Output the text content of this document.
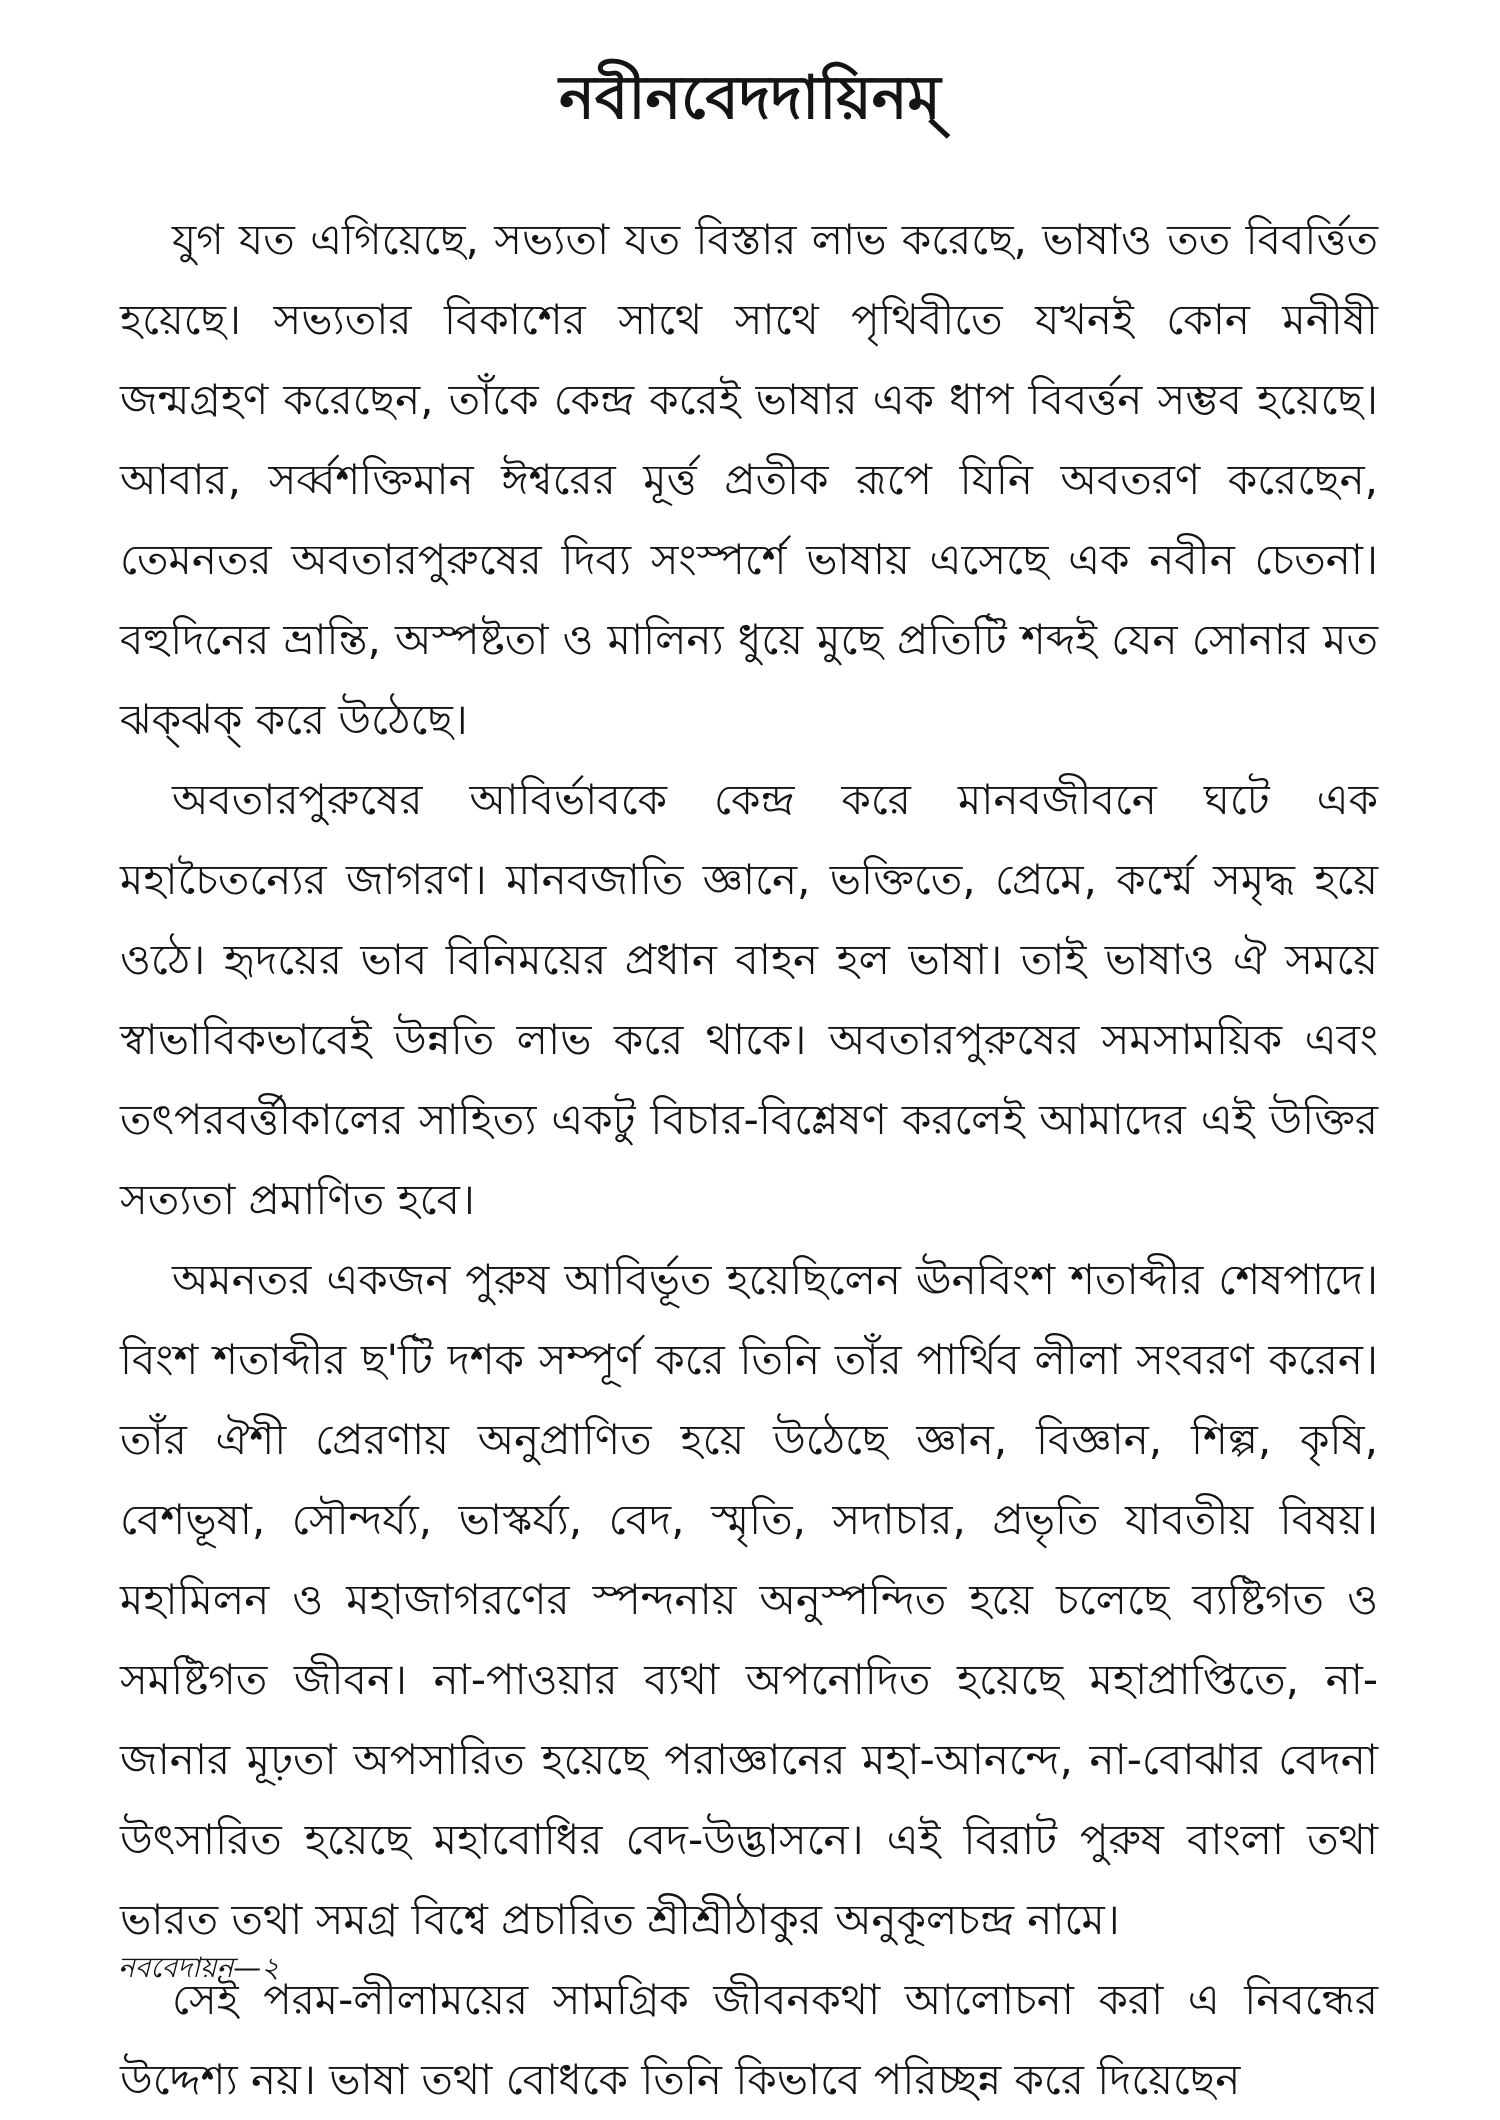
নবীনবেদদায়িনম্

যুগ যত এগিয়েছে, সভ্যতা যত বিস্তার লাভ করেছে, ভাষাও তত বিবর্ত্তিত হয়েছে। সভ্যতার বিকাশের সাথে সাথে পৃথিবীতে যখনই কোন মনীষী জন্মগ্রহণ করেছেন, তাঁকে কেন্দ্র করেই ভাষার এক ধাপ বিবর্ত্তন সম্ভব হয়েছে। আবার, সর্ব্বশক্তিমান ঈশ্বরের মূর্ত্ত প্রতীক রূপে যিনি অবতরণ করেছেন, তেমনতর অবতারপুরুষের দিব্য সংস্পর্শে ভাষায় এসেছে এক নবীন চেতনা। বহুদিনের ভ্রান্তি, অস্পষ্টতা ও মালিন্য ধুয়ে মুছে প্রতিটি শব্দই যেন সোনার মত ঝক্‌ঝক্‌ করে উঠেছে।

অবতারপুরুষের আবির্ভাবকে কেন্দ্র করে মানবজীবনে ঘটে এক মহাচৈতন্যের জাগরণ। মানবজাতি জ্ঞানে, ভক্তিতে, প্রেমে, কর্ম্মে সমৃদ্ধ হয়ে ওঠে। হৃদয়ের ভাব বিনিময়ের প্রধান বাহন হল ভাষা। তাই ভাষাও ঐ সময়ে স্বাভাবিকভাবেই উন্নতি লাভ করে থাকে। অবতারপুরুষের সমসাময়িক এবং তৎপরবর্ত্তীকালের সাহিত্য একটু বিচার-বিশ্লেষণ করলেই আমাদের এই উক্তির সত্যতা প্রমাণিত হবে।

অমনতর একজন পুরুষ আবির্ভূত হয়েছিলেন ঊনবিংশ শতাব্দীর শেষপাদে। বিংশ শতাব্দীর ছ'টি দশক সম্পূর্ণ করে তিনি তাঁর পার্থিব লীলা সংবরণ করেন। তাঁর ঐশী প্রেরণায় অনুপ্রাণিত হয়ে উঠেছে জ্ঞান, বিজ্ঞান, শিল্প, কৃষি, বেশভূষা, সৌন্দর্য্য, ভাস্কর্য্য, বেদ, স্মৃতি, সদাচার, প্রভৃতি যাবতীয় বিষয়। মহামিলন ও মহাজাগরণের স্পন্দনায় অনুস্পন্দিত হয়ে চলেছে ব্যষ্টিগত ও সমষ্টিগত জীবন। না-পাওয়ার ব্যথা অপনোদিত হয়েছে মহাপ্রাপ্তিতে, না-জানার মূঢ়তা অপসারিত হয়েছে পরাজ্ঞানের মহা-আনন্দে, না-বোঝার বেদনা উৎসারিত হয়েছে মহাবোধির বেদ-উদ্ভাসনে। এই বিরাট পুরুষ বাংলা তথা ভারত তথা সমগ্র বিশ্বে প্রচারিত শ্রীশ্রীঠাকুর অনুকূলচন্দ্র নামে।

সেই পরম-লীলাময়ের সামগ্রিক জীবনকথা আলোচনা করা এ নিবন্ধের উদ্দেশ্য নয়। ভাষা তথা বোধকে তিনি কিভাবে পরিচ্ছন্ন করে দিয়েছেন

নববেদায়ন—২
